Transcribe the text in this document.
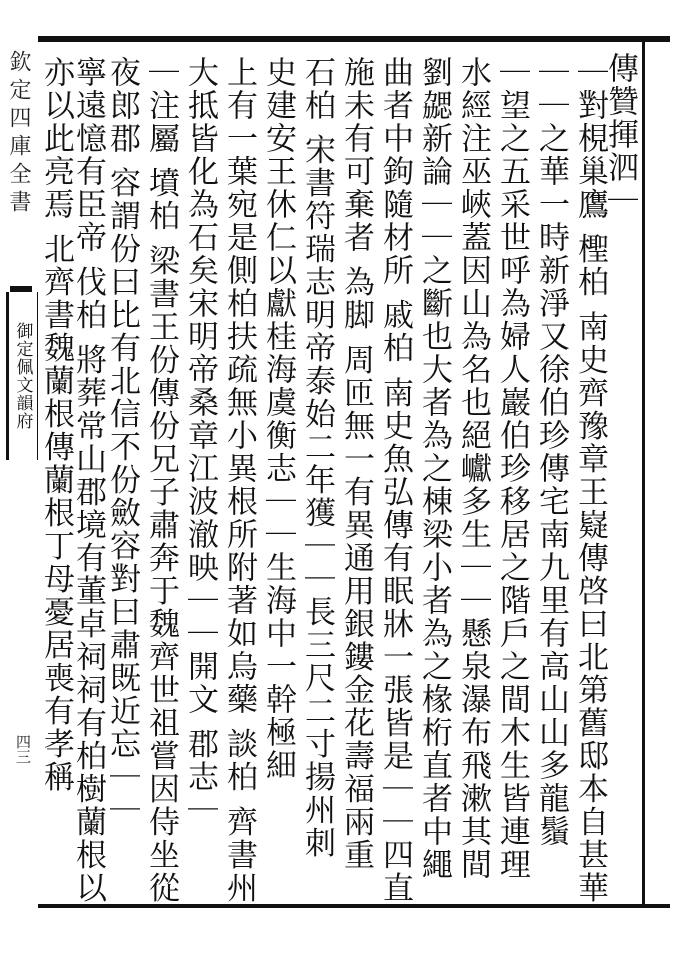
欽定四庫全書
御定佩文韻府
四三
傳贊揮泗｜
｜對梘巢鷹 檉柏 南史齊豫章王嶷傳啓曰北第舊邸本自甚華
｜｜之華一時新淨又徐伯珍傳宅南九里有高山山多龍鬚
｜望之五采世呼為婦人巖伯珍移居之階戶之間木生皆連理
水經注巫峽蓋因山為名也絕巘多生｜｜懸泉瀑布飛漱其間
劉勰新論｜｜之斷也大者為之棟梁小者為之椽桁直者中繩
曲者中鉤隨材所 戚柏 南史魚弘傳有眠牀一張皆是｜｜四直
施未有可棄者 為脚 周匝無一有異通用銀鏤金花壽福兩重
石柏 宋書符瑞志明帝泰始二年獲｜｜長三尺二寸揚州刺
史建安王休仁以獻桂海虞衡志｜｜生海中一幹極細
上有一葉宛是側柏扶疏無小異根所附著如烏藥 談柏 齊書州
大抵皆化為石矣宋明帝桑章江波澈映｜｜開文 郡志｜
｜注屬 墳柏 梁書王份傳份兄子肅奔于魏齊世祖嘗因侍坐從
夜郎郡 容謂份曰比有北信不份斂容對曰肅既近忘｜｜
寧遠憶有臣帝 伐柏 將葬常山郡境有董卓祠祠有柏樹蘭根以
亦以此亮焉 北齊書魏蘭根傳蘭根丁母憂居喪有孝稱
